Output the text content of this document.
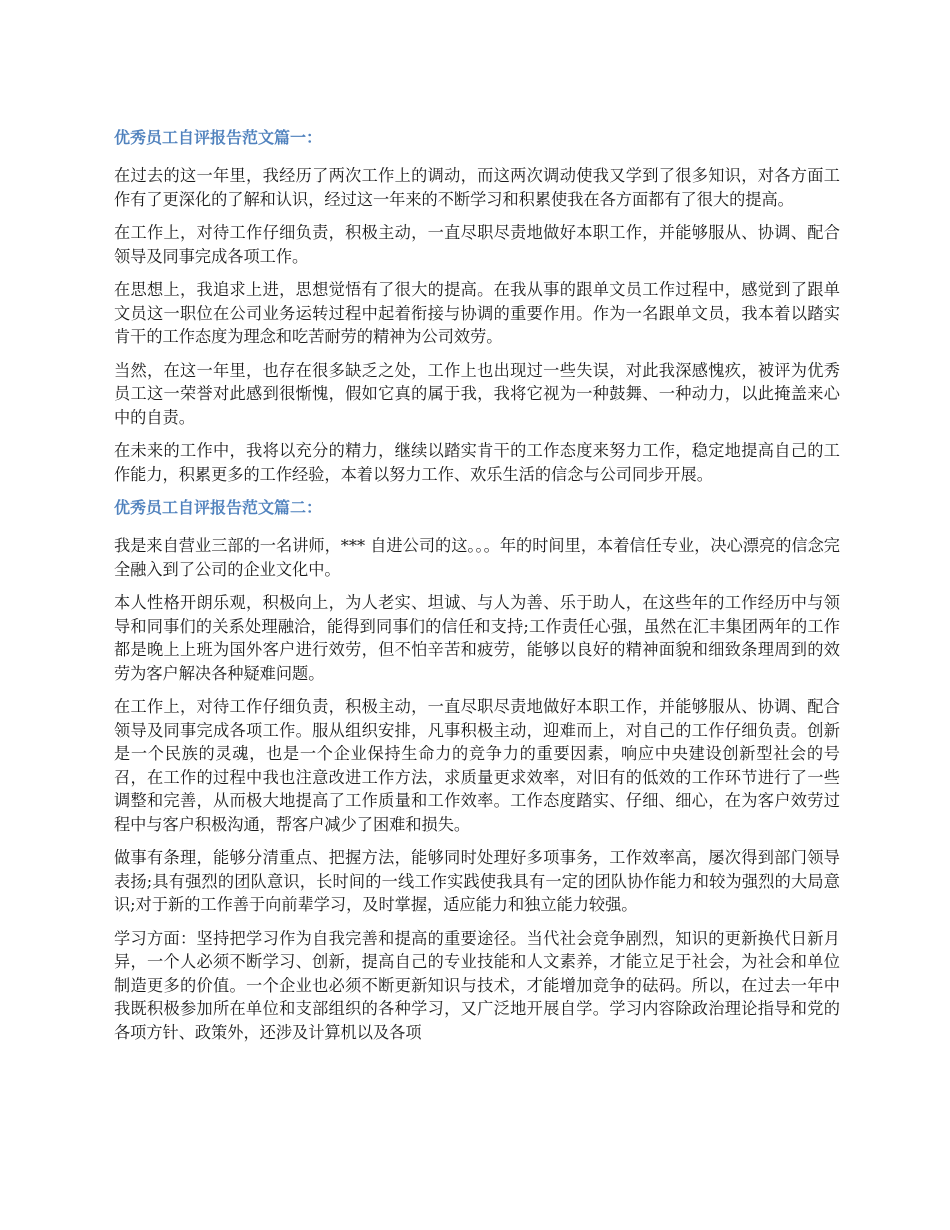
优秀员工自评报告范文篇一：

在过去的这一年里，我经历了两次工作上的调动，而这两次调动使我又学到了很多知识，对各方面工作有了更深化的了解和认识，经过这一年来的不断学习和积累使我在各方面都有了很大的提高。

在工作上，对待工作仔细负责，积极主动，一直尽职尽责地做好本职工作，并能够服从、协调、配合领导及同事完成各项工作。

在思想上，我追求上进，思想觉悟有了很大的提高。在我从事的跟单文员工作过程中，感觉到了跟单文员这一职位在公司业务运转过程中起着衔接与协调的重要作用。作为一名跟单文员，我本着以踏实肯干的工作态度为理念和吃苦耐劳的精神为公司效劳。

当然，在这一年里，也存在很多缺乏之处，工作上也出现过一些失误，对此我深感愧疚，被评为优秀员工这一荣誉对此感到很惭愧，假如它真的属于我，我将它视为一种鼓舞、一种动力，以此掩盖来心中的自责。

在未来的工作中，我将以充分的精力，继续以踏实肯干的工作态度来努力工作，稳定地提高自己的工作能力，积累更多的工作经验，本着以努力工作、欢乐生活的信念与公司同步开展。

优秀员工自评报告范文篇二：

我是来自营业三部的一名讲师，*** 自进公司的这。。。年的时间里，本着信任专业，决心漂亮的信念完全融入到了公司的企业文化中。

本人性格开朗乐观，积极向上，为人老实、坦诚、与人为善、乐于助人，在这些年的工作经历中与领导和同事们的关系处理融洽，能得到同事们的信任和支持;工作责任心强，虽然在汇丰集团两年的工作都是晚上上班为国外客户进行效劳，但不怕辛苦和疲劳，能够以良好的精神面貌和细致条理周到的效劳为客户解决各种疑难问题。

在工作上，对待工作仔细负责，积极主动，一直尽职尽责地做好本职工作，并能够服从、协调、配合领导及同事完成各项工作。服从组织安排，凡事积极主动，迎难而上，对自己的工作仔细负责。创新是一个民族的灵魂，也是一个企业保持生命力的竞争力的重要因素，响应中央建设创新型社会的号召，在工作的过程中我也注意改进工作方法，求质量更求效率，对旧有的低效的工作环节进行了一些调整和完善，从而极大地提高了工作质量和工作效率。工作态度踏实、仔细、细心，在为客户效劳过程中与客户积极沟通，帮客户减少了困难和损失。

做事有条理，能够分清重点、把握方法，能够同时处理好多项事务，工作效率高，屡次得到部门领导表扬;具有强烈的团队意识，长时间的一线工作实践使我具有一定的团队协作能力和较为强烈的大局意识;对于新的工作善于向前辈学习，及时掌握，适应能力和独立能力较强。

学习方面：坚持把学习作为自我完善和提高的重要途径。当代社会竞争剧烈，知识的更新换代日新月异，一个人必须不断学习、创新，提高自己的专业技能和人文素养，才能立足于社会，为社会和单位制造更多的价值。一个企业也必须不断更新知识与技术，才能增加竞争的砝码。所以，在过去一年中我既积极参加所在单位和支部组织的各种学习，又广泛地开展自学。学习内容除政治理论指导和党的各项方针、政策外，还涉及计算机以及各项
